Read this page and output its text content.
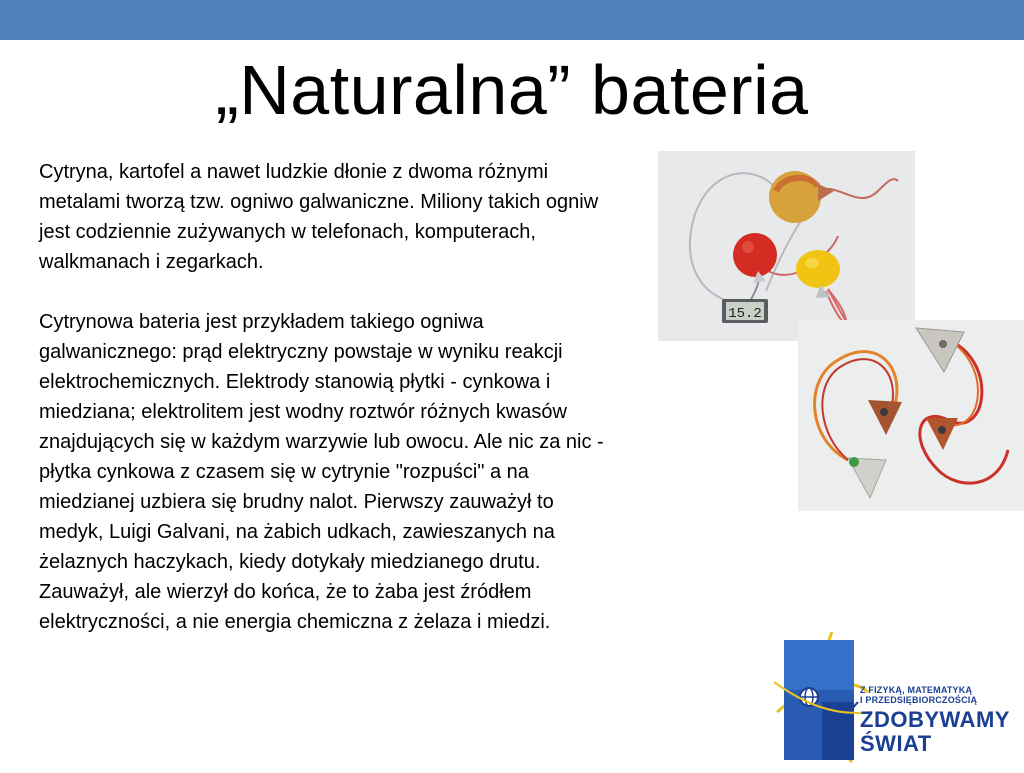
„Naturalna” bateria

Cytryna, kartofel a nawet ludzkie dłonie z dwoma różnymi metalami tworzą tzw. ogniwo galwaniczne. Miliony takich ogniw jest codziennie zużywanych w telefonach, komputerach, walkmanach i zegarkach.

Cytrynowa bateria jest przykładem takiego ogniwa galwanicznego: prąd elektryczny powstaje w wyniku reakcji elektrochemicznych. Elektrody stanowią płytki - cynkowa i miedziana; elektrolitem jest wodny roztwór różnych kwasów znajdujących się w każdym warzywie lub owocu. Ale nic za nic - płytka cynkowa z czasem się w cytrynie "rozpuści" a na miedzianej uzbiera się brudny nalot. Pierwszy zauważył to medyk, Luigi Galvani, na żabich udkach, zawieszanych na żelaznych haczykach, kiedy dotykały miedzianego drutu. Zauważył, ale wierzył do końca, że to żaba jest źródłem elektryczności, a nie energia chemiczna z żelaza i miedzi.

15.2
Z FIZYKĄ, MATEMATYKĄ
I PRZEDSIĘBIORCZOŚCIĄ
ZDOBYWAMY
ŚWIAT
